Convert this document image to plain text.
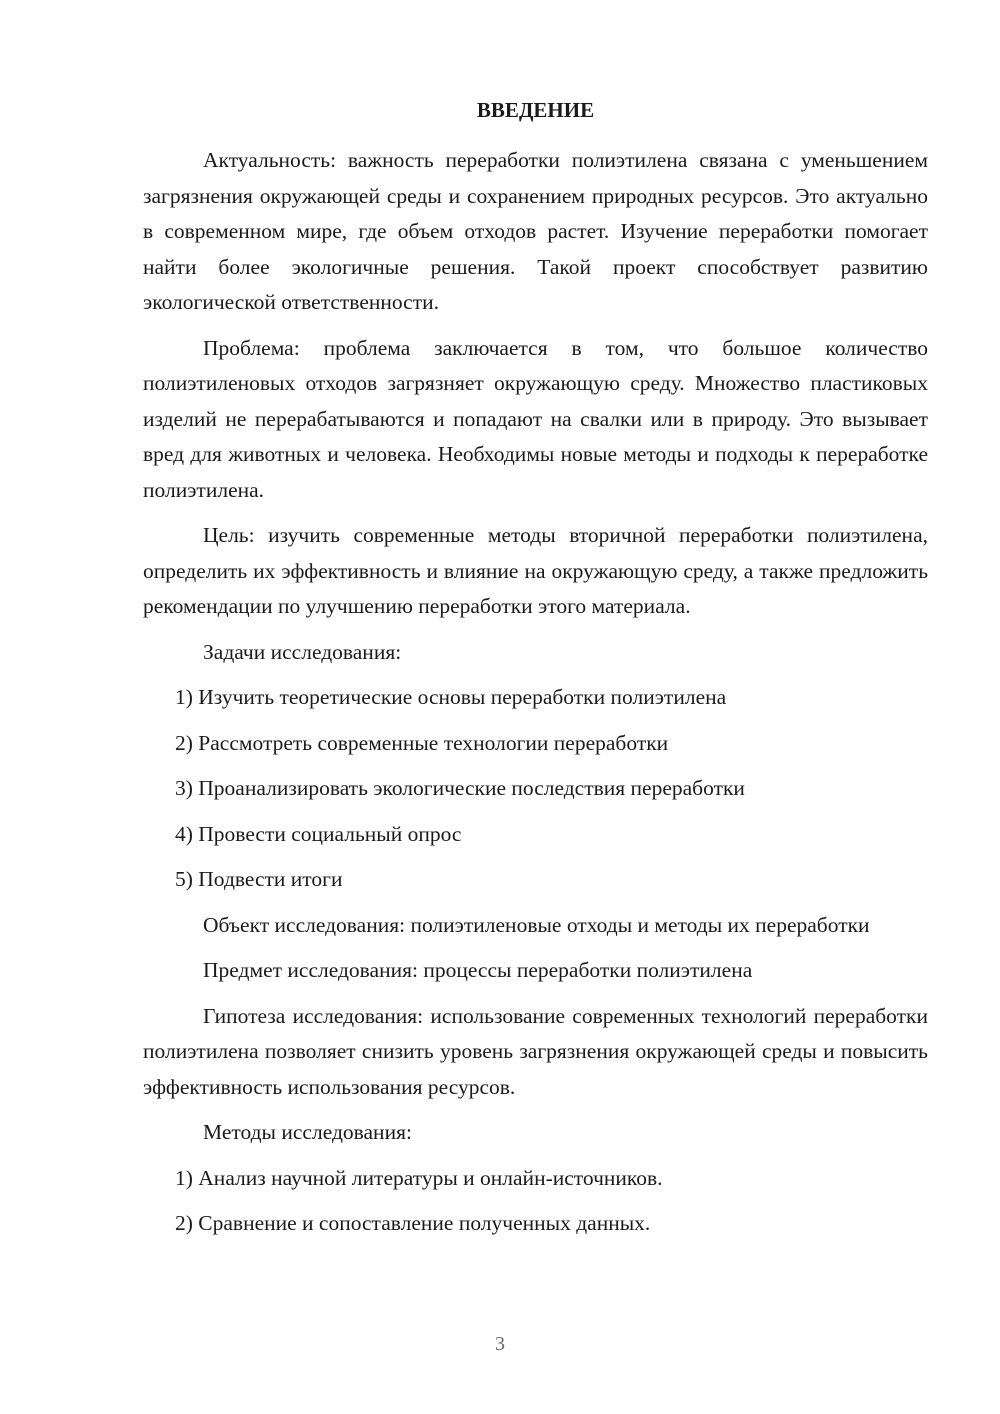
ВВЕДЕНИЕ

Актуальность: важность переработки полиэтилена связана с уменьшением загрязнения окружающей среды и сохранением природных ресурсов. Это актуально в современном мире, где объем отходов растет. Изучение переработки помогает найти более экологичные решения. Такой проект способствует развитию экологической ответственности.

Проблема: проблема заключается в том, что большое количество полиэтиленовых отходов загрязняет окружающую среду. Множество пластиковых изделий не перерабатываются и попадают на свалки или в природу. Это вызывает вред для животных и человека. Необходимы новые методы и подходы к переработке полиэтилена.

Цель: изучить современные методы вторичной переработки полиэтилена, определить их эффективность и влияние на окружающую среду, а также предложить рекомендации по улучшению переработки этого материала.

Задачи исследования:

1) Изучить теоретические основы переработки полиэтилена
2) Рассмотреть современные технологии переработки
3) Проанализировать экологические последствия переработки
4) Провести социальный опрос
5) Подвести итоги

Объект исследования: полиэтиленовые отходы и методы их переработки

Предмет исследования: процессы переработки полиэтилена

Гипотеза исследования: использование современных технологий переработки полиэтилена позволяет снизить уровень загрязнения окружающей среды и повысить эффективность использования ресурсов.

Методы исследования:

1) Анализ научной литературы и онлайн-источников.
2) Сравнение и сопоставление полученных данных.
3
